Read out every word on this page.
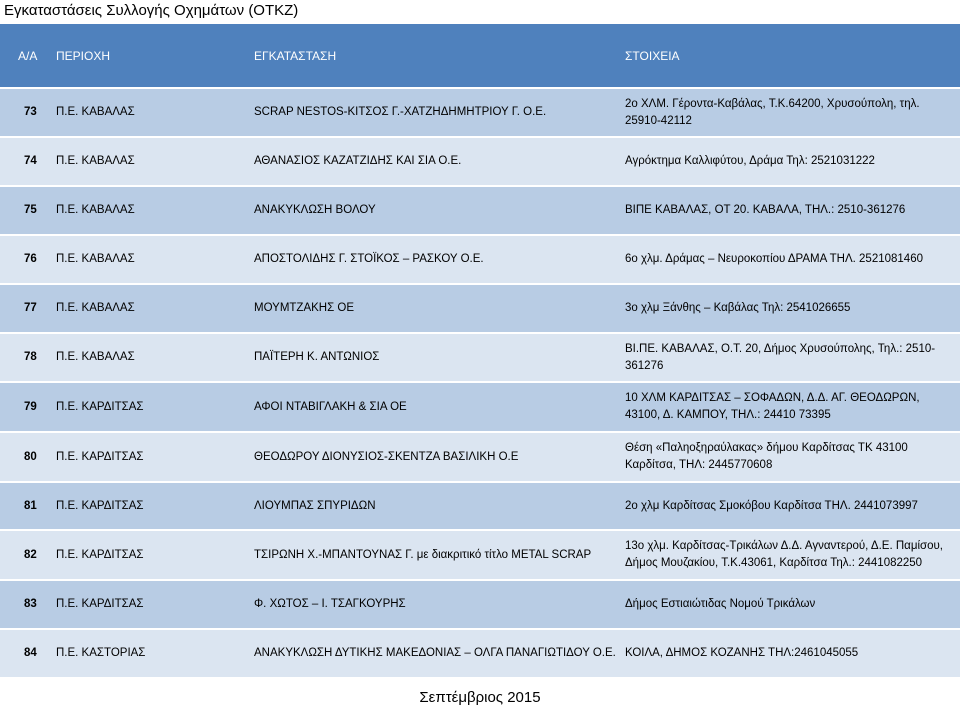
Εγκαταστάσεις Συλλογής Οχημάτων (ΟΤΚΖ)
Α/Α	ΠΕΡΙΟΧΗ	ΕΓΚΑΤΑΣΤΑΣΗ	ΣΤΟΙΧΕΙΑ
73	Π.Ε. ΚΑΒΑΛΑΣ	SCRAP NESTOS-ΚΙΤΣΟΣ Γ.-ΧΑΤΖΗΔΗΜΗΤΡΙΟΥ Γ. Ο.Ε.	2ο ΧΛΜ. Γέροντα-Καβάλας, Τ.Κ.64200, Χρυσούπολη, τηλ. 25910-42112
74	Π.Ε. ΚΑΒΑΛΑΣ	ΑΘΑΝΑΣΙΟΣ ΚΑΖΑΤΖΙΔΗΣ ΚΑΙ ΣΙΑ Ο.Ε.	Αγρόκτημα Καλλιφύτου, Δράμα Τηλ: 2521031222
75	Π.Ε. ΚΑΒΑΛΑΣ	ΑΝΑΚΥΚΛΩΣΗ ΒΟΛΟΥ	ΒΙΠΕ ΚΑΒΑΛΑΣ, ΟΤ 20. ΚΑΒΑΛΑ, ΤΗΛ.: 2510-361276
76	Π.Ε. ΚΑΒΑΛΑΣ	ΑΠΟΣΤΟΛΙΔΗΣ Γ. ΣΤΟΪΚΟΣ – ΡΑΣΚΟΥ Ο.Ε.	6ο χλμ. Δράμας – Νευροκοπίου ΔΡΑΜΑ ΤΗΛ. 2521081460
77	Π.Ε. ΚΑΒΑΛΑΣ	ΜΟΥΜΤΖΑΚΗΣ ΟΕ	3ο χλμ Ξάνθης – Καβάλας Τηλ: 2541026655
78	Π.Ε. ΚΑΒΑΛΑΣ	ΠΑΪΤΕΡΗ Κ. ΑΝΤΩΝΙΟΣ	ΒΙ.ΠΕ. ΚΑΒΑΛΑΣ, Ο.Τ. 20, Δήμος Χρυσούπολης, Τηλ.: 2510-361276
79	Π.Ε. ΚΑΡΔΙΤΣΑΣ	ΑΦΟΙ ΝΤΑΒΙΓΛΑΚΗ & ΣΙΑ ΟΕ	10 ΧΛΜ ΚΑΡΔΙΤΣΑΣ – ΣΟΦΑΔΩΝ, Δ.Δ. ΑΓ. ΘΕΟΔΩΡΩΝ, 43100, Δ. ΚΑΜΠΟΥ, ΤΗΛ.: 24410 73395
80	Π.Ε. ΚΑΡΔΙΤΣΑΣ	ΘΕΟΔΩΡΟΥ ΔΙΟΝΥΣΙΟΣ-ΣΚΕΝΤΖΑ ΒΑΣΙΛΙΚΗ Ο.Ε	Θέση «Παληοξηραύλακας» δήμου Καρδίτσας ΤΚ 43100 Καρδίτσα, ΤΗΛ: 2445770608
81	Π.Ε. ΚΑΡΔΙΤΣΑΣ	ΛΙΟΥΜΠΑΣ ΣΠΥΡΙΔΩΝ	2ο χλμ Καρδίτσας Σμοκόβου Καρδίτσα ΤΗΛ. 2441073997
82	Π.Ε. ΚΑΡΔΙΤΣΑΣ	ΤΣΙΡΩΝΗ Χ.-ΜΠΑΝΤΟΥΝΑΣ Γ. με διακριτικό τίτλο METAL SCRAP	13ο χλμ. Καρδίτσας-Τρικάλων Δ.Δ. Αγναντερού, Δ.Ε. Παμίσου, Δήμος Μουζακίου, Τ.Κ.43061, Καρδίτσα Τηλ.: 2441082250
83	Π.Ε. ΚΑΡΔΙΤΣΑΣ	Φ. ΧΩΤΟΣ – Ι. ΤΣΑΓΚΟΥΡΗΣ	Δήμος Εστιαιώτιδας Νομού Τρικάλων
84	Π.Ε. ΚΑΣΤΟΡΙΑΣ	ΑΝΑΚΥΚΛΩΣΗ ΔΥΤΙΚΗΣ ΜΑΚΕΔΟΝΙΑΣ – ΟΛΓΑ ΠΑΝΑΓΙΩΤΙΔΟΥ Ο.Ε.	ΚΟΙΛΑ, ΔΗΜΟΣ ΚΟΖΑΝΗΣ ΤΗΛ:2461045055
Σεπτέμβριος 2015
